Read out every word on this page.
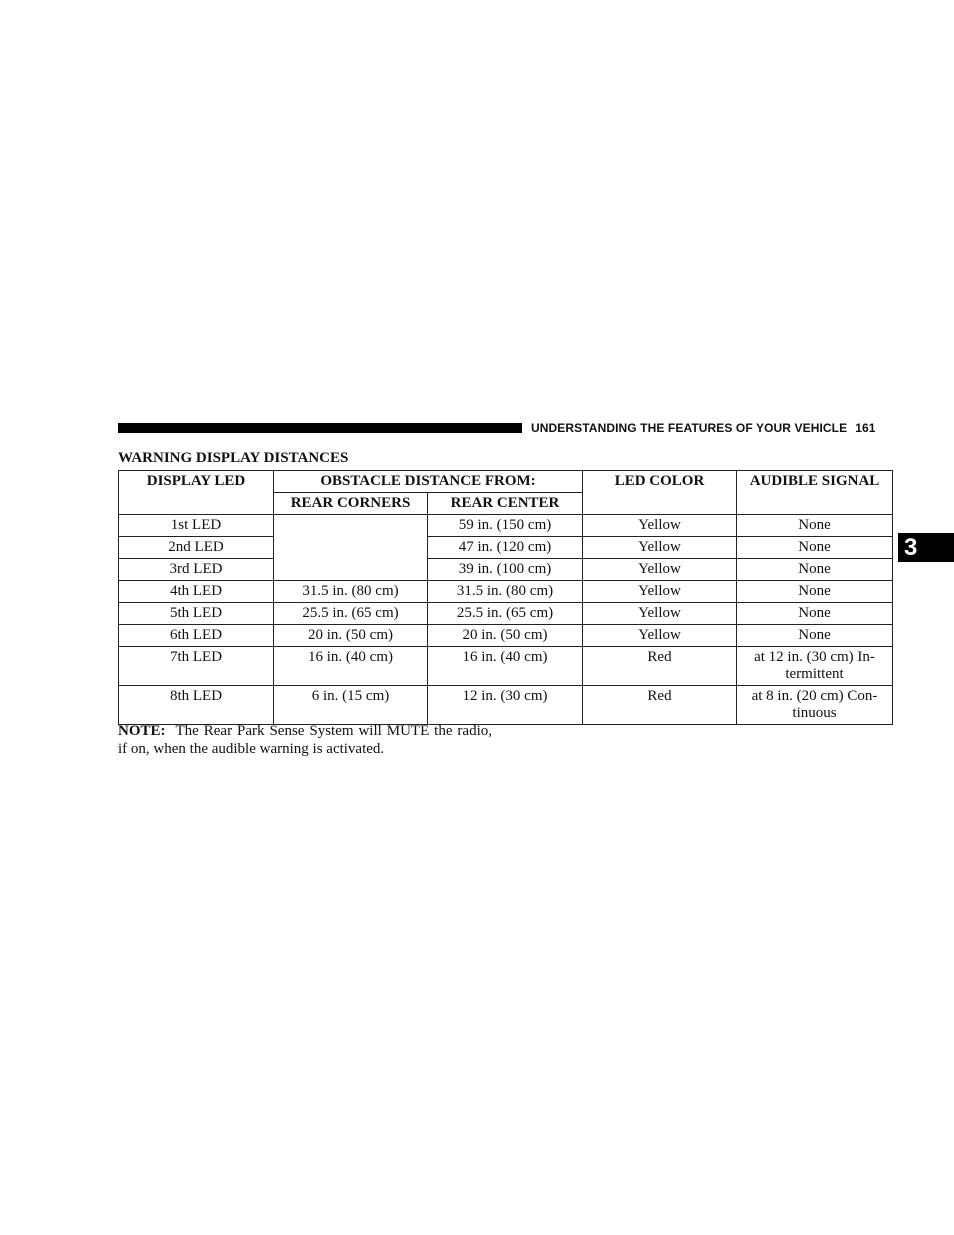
UNDERSTANDING THE FEATURES OF YOUR VEHICLE 161
3
WARNING DISPLAY DISTANCES
DISPLAY LED	OBSTACLE DISTANCE FROM:		LED COLOR	AUDIBLE SIGNAL
	REAR CORNERS	REAR CENTER		
1st LED		59 in. (150 cm)	Yellow	None
2nd LED		47 in. (120 cm)	Yellow	None
3rd LED		39 in. (100 cm)	Yellow	None
4th LED	31.5 in. (80 cm)	31.5 in. (80 cm)	Yellow	None
5th LED	25.5 in. (65 cm)	25.5 in. (65 cm)	Yellow	None
6th LED	20 in. (50 cm)	20 in. (50 cm)	Yellow	None
7th LED	16 in. (40 cm)	16 in. (40 cm)	Red	at 12 in. (30 cm) In-
termittent
8th LED	6 in. (15 cm)	12 in. (30 cm)	Red	at 8 in. (20 cm) Con-
tinuous
NOTE: The Rear Park Sense System will MUTE the radio, if on, when the audible warning is activated.
